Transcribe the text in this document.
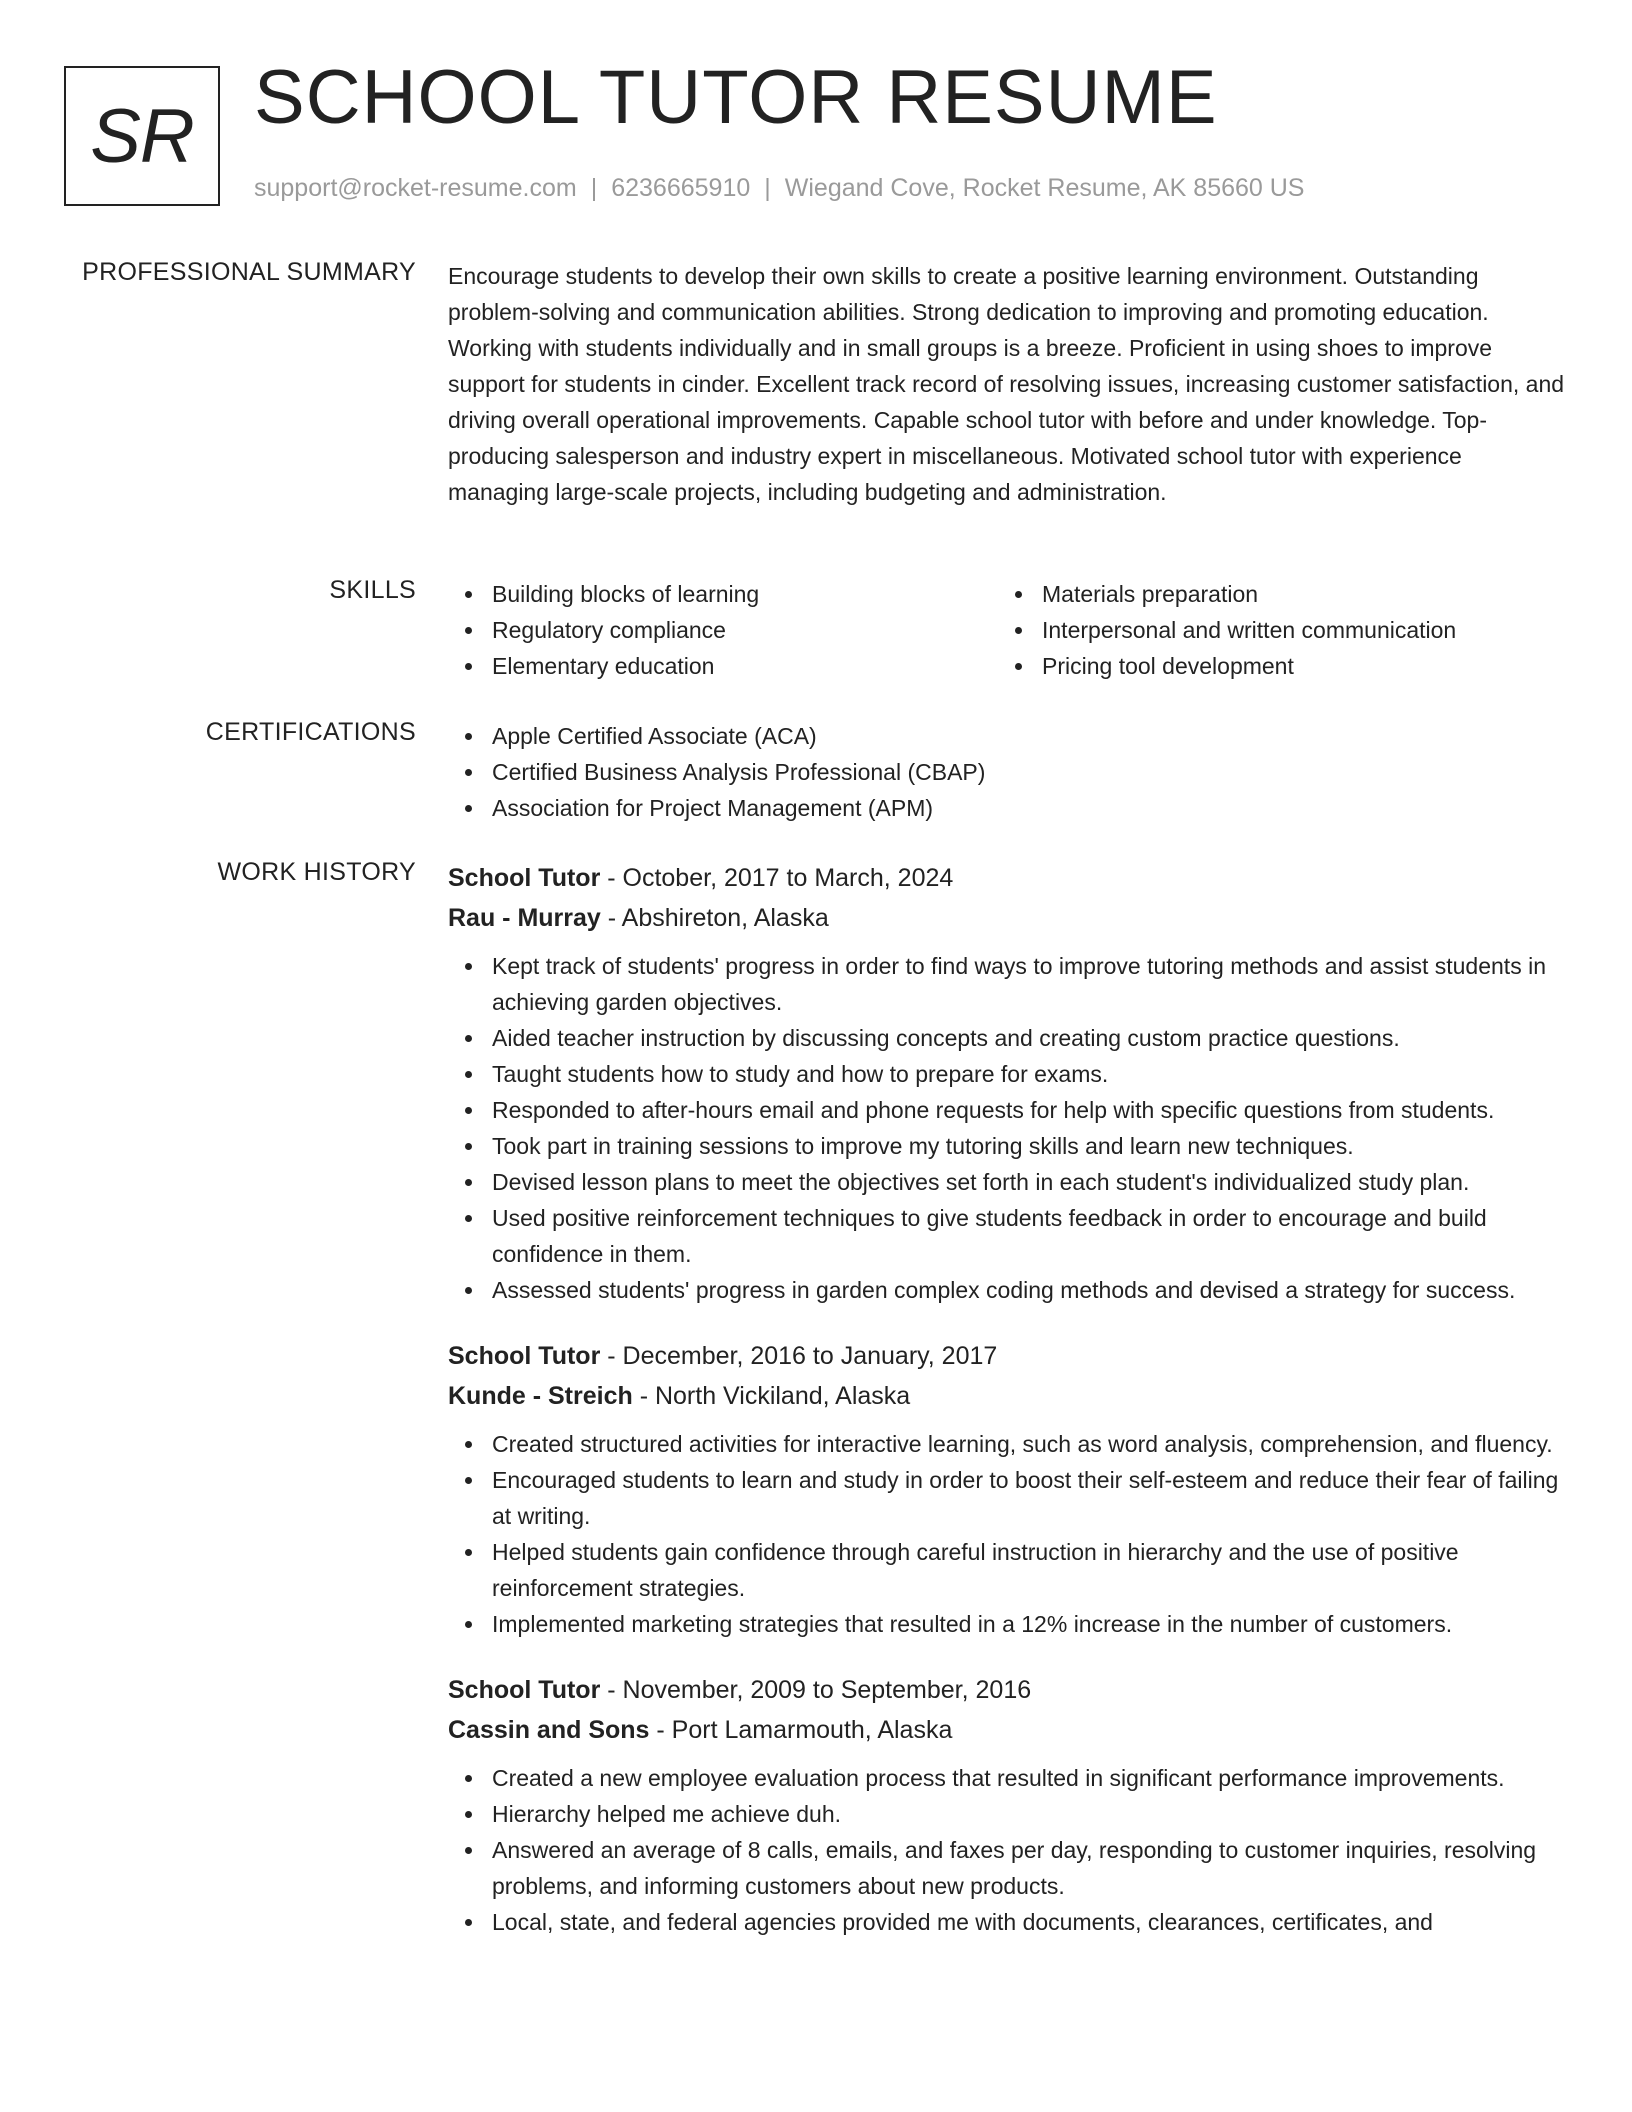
SR SCHOOL TUTOR RESUME
support@rocket-resume.com | 6236665910 | Wiegand Cove, Rocket Resume, AK 85660 US
PROFESSIONAL SUMMARY Encourage students to develop their own skills to create a positive learning environment. Outstanding problem-solving and communication abilities. Strong dedication to improving and promoting education. Working with students individually and in small groups is a breeze. Proficient in using shoes to improve support for students in cinder. Excellent track record of resolving issues, increasing customer satisfaction, and driving overall operational improvements. Capable school tutor with before and under knowledge. Top-producing salesperson and industry expert in miscellaneous. Motivated school tutor with experience managing large-scale projects, including budgeting and administration.

SKILLS	Building blocks of learning
Regulatory compliance
Elementary education
Materials preparation
Interpersonal and written communication
Pricing tool development
CERTIFICATIONS	Apple Certified Associate (ACA)
Certified Business Analysis Professional (CBAP)
Association for Project Management (APM)
WORK HISTORY School Tutor - October, 2017 to March, 2024
Rau - Murray - Abshireton, Alaska
Kept track of students' progress in order to find ways to improve tutoring methods and assist students in achieving garden objectives.
Aided teacher instruction by discussing concepts and creating custom practice questions.
Taught students how to study and how to prepare for exams.
Responded to after-hours email and phone requests for help with specific questions from students.
Took part in training sessions to improve my tutoring skills and learn new techniques.
Devised lesson plans to meet the objectives set forth in each student's individualized study plan.
Used positive reinforcement techniques to give students feedback in order to encourage and build confidence in them.
Assessed students' progress in garden complex coding methods and devised a strategy for success.
School Tutor - December, 2016 to January, 2017
Kunde - Streich - North Vickiland, Alaska
Created structured activities for interactive learning, such as word analysis, comprehension, and fluency.
Encouraged students to learn and study in order to boost their self-esteem and reduce their fear of failing at writing.
Helped students gain confidence through careful instruction in hierarchy and the use of positive reinforcement strategies.
Implemented marketing strategies that resulted in a 12% increase in the number of customers.
School Tutor - November, 2009 to September, 2016
Cassin and Sons - Port Lamarmouth, Alaska
Created a new employee evaluation process that resulted in significant performance improvements.
Hierarchy helped me achieve duh.
Answered an average of 8 calls, emails, and faxes per day, responding to customer inquiries, resolving problems, and informing customers about new products.
Local, state, and federal agencies provided me with documents, clearances, certificates, and
